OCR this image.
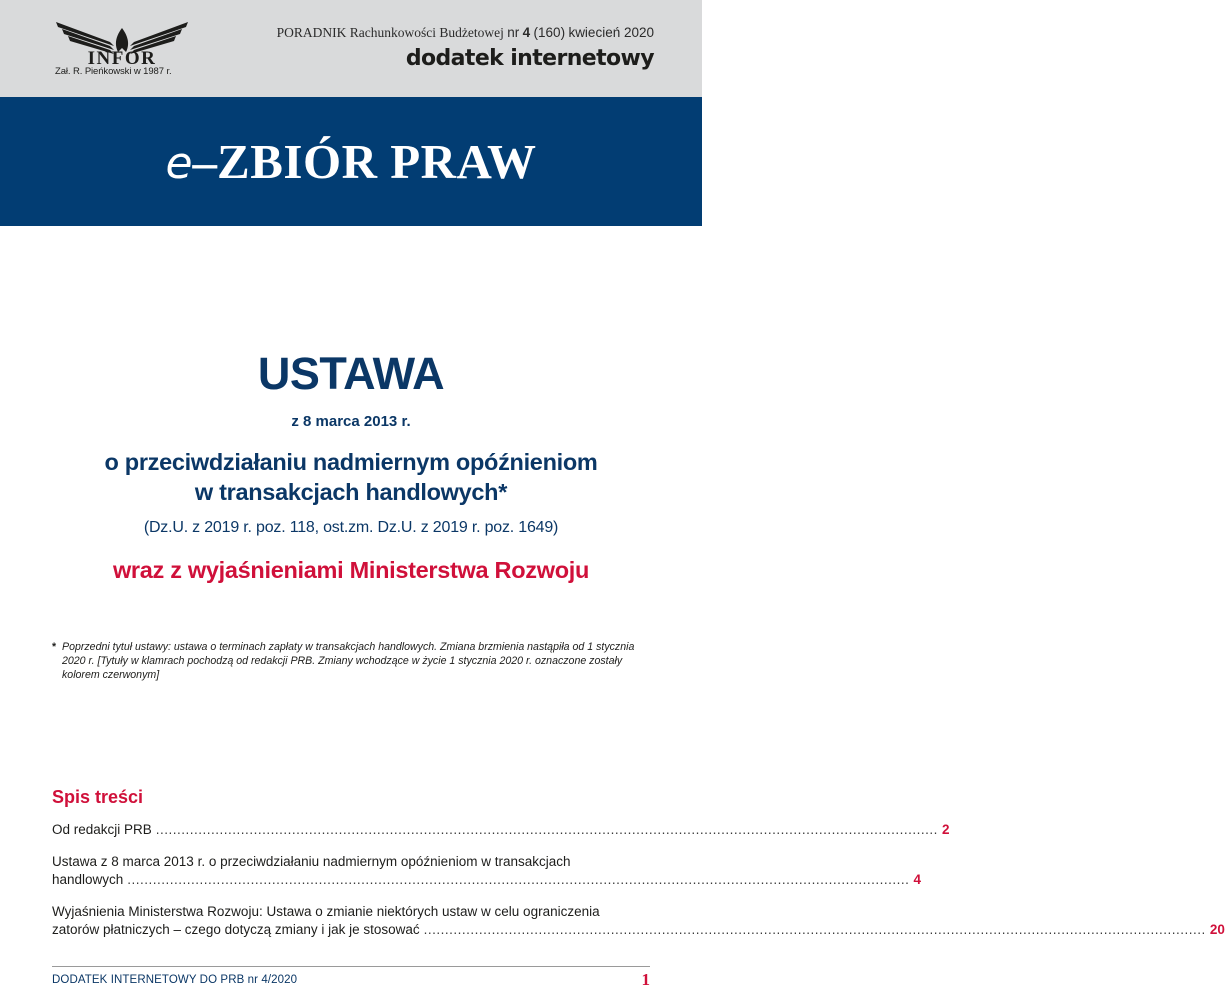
INFOR
Zał. R. Pieńkowski w 1987 r.
PORADNIK Rachunkowości Budżetowej nr 4 (160) kwiecień 2020
dodatek internetowy
e–ZBIÓR PRAW
USTAWA
z 8 marca 2013 r.
o przeciwdziałaniu nadmiernym opóźnieniom
w transakcjach handlowych*
(Dz.U. z 2019 r. poz. 118, ost.zm. Dz.U. z 2019 r. poz. 1649)
wraz z wyjaśnieniami Ministerstwa Rozwoju
* Poprzedni tytuł ustawy: ustawa o terminach zapłaty w transakcjach handlowych. Zmiana brzmienia nastąpiła od 1 stycznia 2020 r. [Tytuły w klamrach pochodzą od redakcji PRB. Zmiany wchodzące w życie 1 stycznia 2020 r. oznaczone zostały kolorem czerwonym]
Spis treści
Od redakcji PRB ........................................................................................................................................................................................ 2
Ustawa z 8 marca 2013 r. o przeciwdziałaniu nadmiernym opóźnieniom w transakcjach
handlowych ........................................................................................................................................................................................ 4
Wyjaśnienia Ministerstwa Rozwoju: Ustawa o zmianie niektórych ustaw w celu ograniczenia
zatorów płatniczych – czego dotyczą zmiany i jak je stosować ........................................................................................................................................................................................ 20
DODATEK INTERNETOWY DO PRB nr 4/2020	1
